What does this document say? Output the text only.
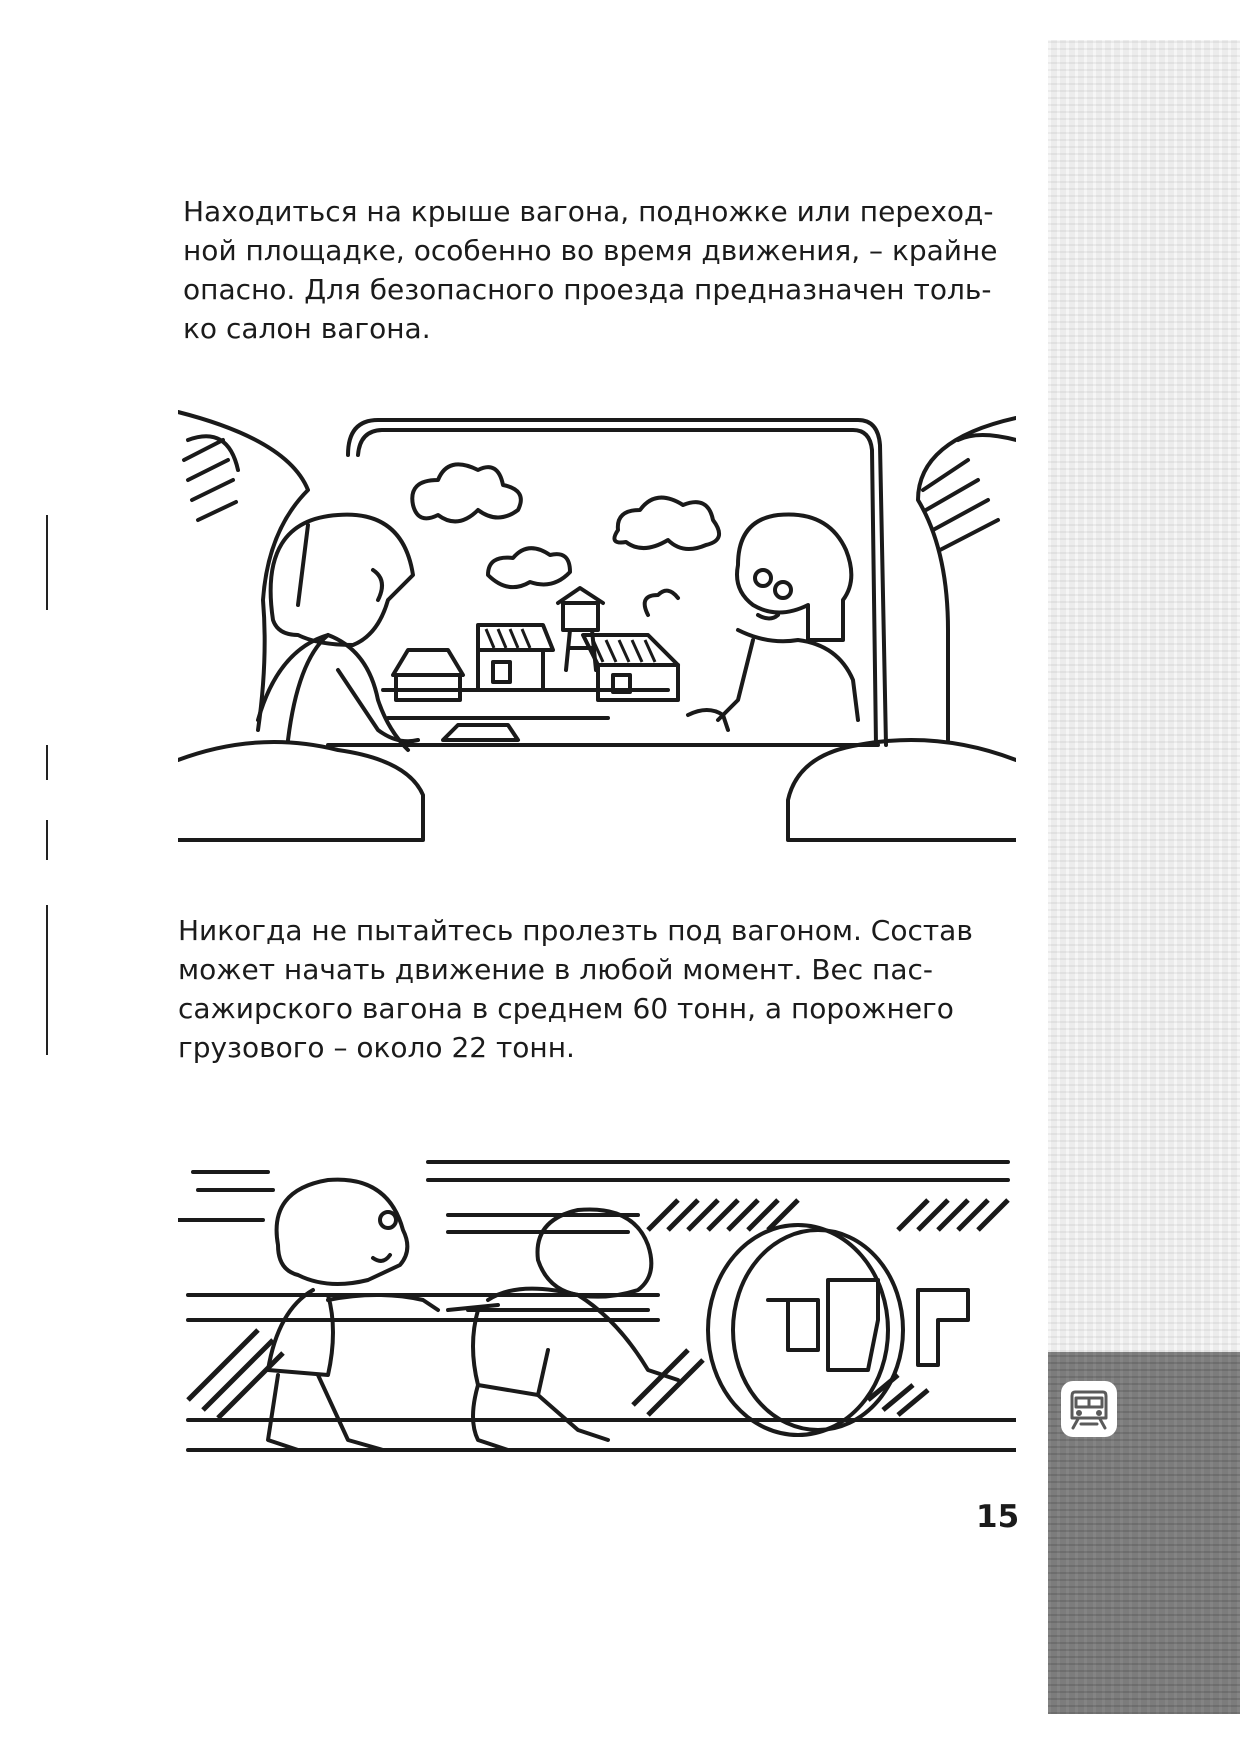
Находиться на крыше вагона, подножке или переход-
ной площадке, особенно во время движения, – крайне
опасно. Для безопасного проезда предназначен толь-
ко салон вагона.
Никогда не пытайтесь пролезть под вагоном. Состав
может начать движение в любой момент. Вес пас-
сажирского вагона в среднем 60 тонн, а порожнего
грузового – около 22 тонн.
15
